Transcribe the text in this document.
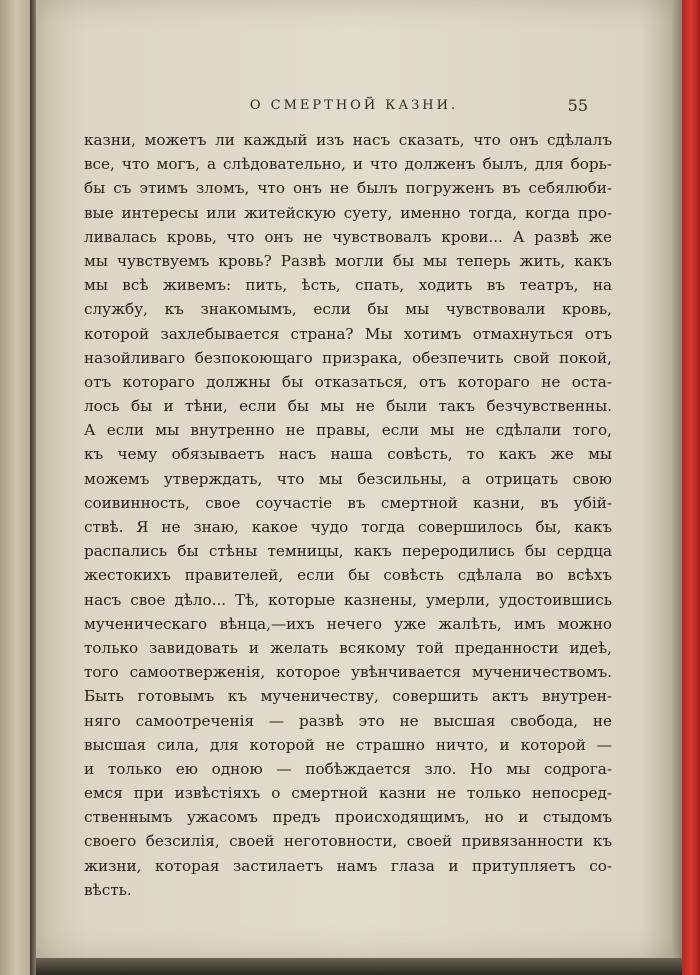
О СМЕРТНОЙ КАЗНИ.	55
казни, можетъ ли каждый изъ насъ сказать, что онъ сдѣлалъ
все, что могъ, а слѣдовательно, и что долженъ былъ, для борь-
бы съ этимъ зломъ, что онъ не былъ погруженъ въ себялюби-
вые интересы или житейскую суету, именно тогда, когда про-
ливалась кровь, что онъ не чувствовалъ крови... А развѣ же
мы чувствуемъ кровь? Развѣ могли бы мы теперь жить, какъ
мы всѣ живемъ: пить, ѣсть, спать, ходить въ театръ, на
службу, къ знакомымъ, если бы мы чувствовали кровь,
которой захлебывается страна? Мы хотимъ отмахнуться отъ
назойливаго безпокоющаго призрака, обезпечить свой покой,
отъ котораго должны бы отказаться, отъ котораго не оста-
лось бы и тѣни, если бы мы не были такъ безчувственны.
А если мы внутренно не правы, если мы не сдѣлали того,
къ чему обязываетъ насъ наша совѣсть, то какъ же мы
можемъ утверждать, что мы безсильны, а отрицать свою
соивинность, свое соучастіе въ смертной казни, въ убій-
ствѣ. Я не знаю, какое чудо тогда совершилось бы, какъ
распались бы стѣны темницы, какъ переродились бы сердца
жестокихъ правителей, если бы совѣсть сдѣлала во всѣхъ
насъ свое дѣло... Тѣ, которые казнены, умерли, удостоившись
мученическаго вѣнца,—ихъ нечего уже жалѣть, имъ можно
только завидовать и желать всякому той преданности идеѣ,
того самоотверженія, которое увѣнчивается мученичествомъ.
Быть готовымъ къ мученичеству, совершить актъ внутрен-
няго самоотреченія — развѣ это не высшая свобода, не
высшая сила, для которой не страшно ничто, и которой —
и только ею одною — побѣждается зло. Но мы содрога-
емся при извѣстіяхъ о смертной казни не только непосред-
ственнымъ ужасомъ предъ происходящимъ, но и стыдомъ
своего безсилія, своей неготовности, своей привязанности къ
жизни, которая застилаетъ намъ глаза и притупляетъ со-
вѣсть.
